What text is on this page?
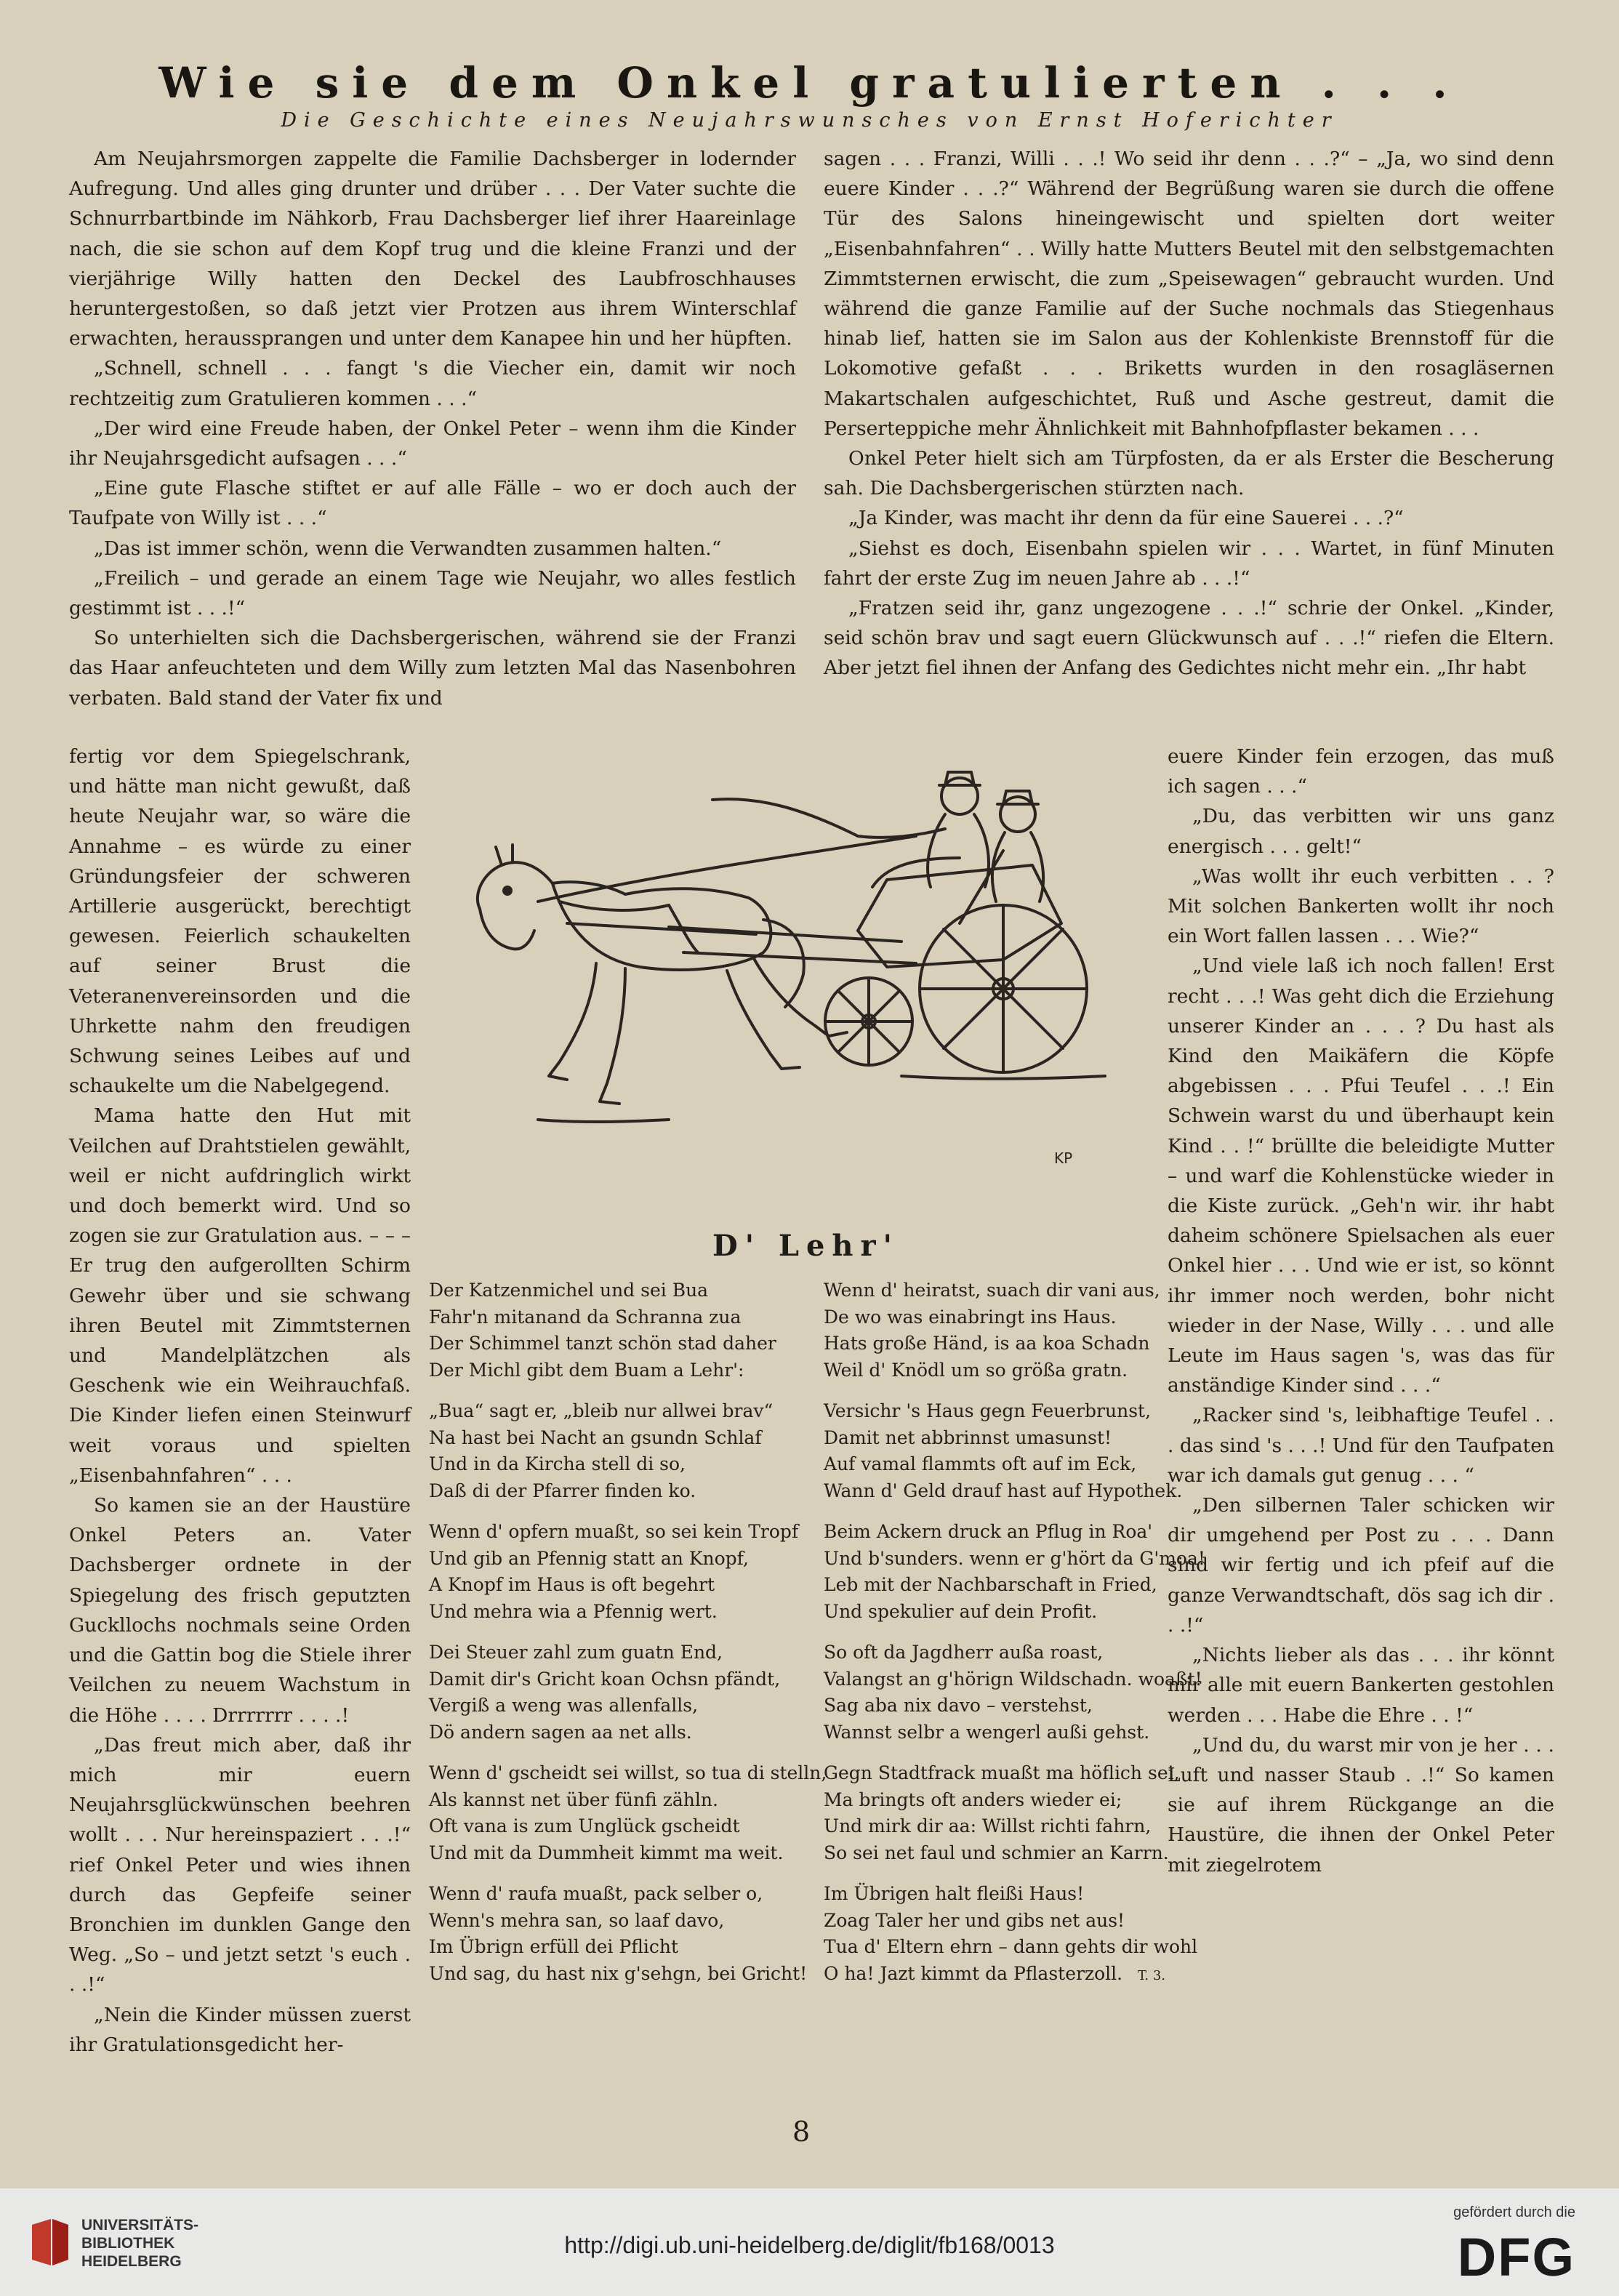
Wie sie dem Onkel gratulierten . . .
Die Geschichte eines Neujahrswunsches von Ernst Hoferichter

Am Neujahrsmorgen zappelte die Familie Dachsberger in lodernder Aufregung. Und alles ging drunter und drüber . . . Der Vater suchte die Schnurrbartbinde im Nähkorb, Frau Dachsberger lief ihrer Haareinlage nach, die sie schon auf dem Kopf trug und die kleine Franzi und der vierjährige Willy hatten den Deckel des Laubfroschhauses heruntergestoßen, so daß jetzt vier Protzen aus ihrem Winterschlaf erwachten, heraussprangen und unter dem Kanapee hin und her hüpften.

„Schnell, schnell . . . fangt 's die Viecher ein, damit wir noch rechtzeitig zum Gratulieren kommen . . .“

„Der wird eine Freude haben, der Onkel Peter – wenn ihm die Kinder ihr Neujahrsgedicht aufsagen . . .“

„Eine gute Flasche stiftet er auf alle Fälle – wo er doch auch der Taufpate von Willy ist . . .“

„Das ist immer schön, wenn die Verwandten zusammen halten.“

„Freilich – und gerade an einem Tage wie Neujahr, wo alles festlich gestimmt ist . . .!“

So unterhielten sich die Dachsbergerischen, während sie der Franzi das Haar anfeuchteten und dem Willy zum letzten Mal das Nasenbohren verbaten. Bald stand der Vater fix und

sagen . . . Franzi, Willi . . .! Wo seid ihr denn . . .?“ – „Ja, wo sind denn euere Kinder . . .?“ Während der Begrüßung waren sie durch die offene Tür des Salons hineingewischt und spielten dort weiter „Eisenbahnfahren“ . . Willy hatte Mutters Beutel mit den selbstgemachten Zimmtsternen erwischt, die zum „Speisewagen“ gebraucht wurden. Und während die ganze Familie auf der Suche nochmals das Stiegenhaus hinab lief, hatten sie im Salon aus der Kohlenkiste Brennstoff für die Lokomotive gefaßt . . . Briketts wurden in den rosagläsernen Makartschalen aufgeschichtet, Ruß und Asche gestreut, damit die Perserteppiche mehr Ähnlichkeit mit Bahnhofpflaster bekamen . . .

Onkel Peter hielt sich am Türpfosten, da er als Erster die Bescherung sah. Die Dachsbergerischen stürzten nach.

„Ja Kinder, was macht ihr denn da für eine Sauerei . . .?“

„Siehst es doch, Eisenbahn spielen wir . . . Wartet, in fünf Minuten fahrt der erste Zug im neuen Jahre ab . . .!“

„Fratzen seid ihr, ganz ungezogene . . .!“ schrie der Onkel. „Kinder, seid schön brav und sagt euern Glückwunsch auf . . .!“ riefen die Eltern. Aber jetzt fiel ihnen der Anfang des Gedichtes nicht mehr ein. „Ihr habt

fertig vor dem Spiegelschrank, und hätte man nicht gewußt, daß heute Neujahr war, so wäre die Annahme – es würde zu einer Gründungsfeier der schweren Artillerie ausgerückt, berechtigt gewesen. Feierlich schaukelten auf seiner Brust die Veteranenvereinsorden und die Uhrkette nahm den freudigen Schwung seines Leibes auf und schaukelte um die Nabelgegend.

Mama hatte den Hut mit Veilchen auf Drahtstielen gewählt, weil er nicht aufdringlich wirkt und doch bemerkt wird. Und so zogen sie zur Gratulation aus. – – – Er trug den aufgerollten Schirm Gewehr über und sie schwang ihren Beutel mit Zimmtsternen und Mandelplätzchen als Geschenk wie ein Weihrauchfaß. Die Kinder liefen einen Steinwurf weit voraus und spielten „Eisenbahnfahren“ . . .

So kamen sie an der Haustüre Onkel Peters an. Vater Dachsberger ordnete in der Spiegelung des frisch geputzten Guckllochs nochmals seine Orden und die Gattin bog die Stiele ihrer Veilchen zu neuem Wachstum in die Höhe . . . . Drrrrrrr . . . .!

„Das freut mich aber, daß ihr mich mir euern Neujahrsglückwünschen beehren wollt . . . Nur hereinspaziert . . .!“ rief Onkel Peter und wies ihnen durch das Gepfeife seiner Bronchien im dunklen Gange den Weg. „So – und jetzt setzt 's euch . . .!“

„Nein die Kinder müssen zuerst ihr Gratulationsgedicht her-

euere Kinder fein erzogen, das muß ich sagen . . .“

„Du, das verbitten wir uns ganz energisch . . . gelt!“

„Was wollt ihr euch verbitten . . ? Mit solchen Bankerten wollt ihr noch ein Wort fallen lassen . . . Wie?“

„Und viele laß ich noch fallen! Erst recht . . .! Was geht dich die Erziehung unserer Kinder an . . . ? Du hast als Kind den Maikäfern die Köpfe abgebissen . . . Pfui Teufel . . .! Ein Schwein warst du und überhaupt kein Kind . . !“ brüllte die beleidigte Mutter – und warf die Kohlenstücke wieder in die Kiste zurück. „Geh'n wir. ihr habt daheim schönere Spielsachen als euer Onkel hier . . . Und wie er ist, so könnt ihr immer noch werden, bohr nicht wieder in der Nase, Willy . . . und alle Leute im Haus sagen 's, was das für anständige Kinder sind . . .“

„Racker sind 's, leibhaftige Teufel . . . das sind 's . . .! Und für den Taufpaten war ich damals gut genug . . . “

„Den silbernen Taler schicken wir dir umgehend per Post zu . . . Dann sind wir fertig und ich pfeif auf die ganze Verwandtschaft, dös sag ich dir . . .!“

„Nichts lieber als das . . . ihr könnt mir alle mit euern Bankerten gestohlen werden . . . Habe die Ehre . . !“

„Und du, du warst mir von je her . . . Luft und nasser Staub . .!“ So kamen sie auf ihrem Rückgange an die Haustüre, die ihnen der Onkel Peter mit ziegelrotem

KP
D' Lehr'
Der Katzenmichel und sei Bua
Fahr'n mitanand da Schranna zua
Der Schimmel tanzt schön stad daher
Der Michl gibt dem Buam a Lehr':
„Bua“ sagt er, „bleib nur allwei brav“
Na hast bei Nacht an gsundn Schlaf
Und in da Kircha stell di so,
Daß di der Pfarrer finden ko.
Wenn d' opfern muaßt, so sei kein Tropf
Und gib an Pfennig statt an Knopf,
A Knopf im Haus is oft begehrt
Und mehra wia a Pfennig wert.
Dei Steuer zahl zum guatn End,
Damit dir's Gricht koan Ochsn pfändt,
Vergiß a weng was allenfalls,
Dö andern sagen aa net alls.
Wenn d' gscheidt sei willst, so tua di stelln,
Als kannst net über fünfi zähln.
Oft vana is zum Unglück gscheidt
Und mit da Dummheit kimmt ma weit.
Wenn d' raufa muaßt, pack selber o,
Wenn's mehra san, so laaf davo,
Im Übrign erfüll dei Pflicht
Und sag, du hast nix g'sehgn, bei Gricht!
Wenn d' heiratst, suach dir vani aus,
De wo was einabringt ins Haus.
Hats große Händ, is aa koa Schadn
Weil d' Knödl um so größa gratn.
Versichr 's Haus gegn Feuerbrunst,
Damit net abbrinnst umasunst!
Auf vamal flammts oft auf im Eck,
Wann d' Geld drauf hast auf Hypothek.
Beim Ackern druck an Pflug in Roa'
Und b'sunders. wenn er g'hört da G'moa!
Leb mit der Nachbarschaft in Fried,
Und spekulier auf dein Profit.
So oft da Jagdherr außa roast,
Valangst an g'hörign Wildschadn. woaßt!
Sag aba nix davo – verstehst,
Wannst selbr a wengerl außi gehst.
Gegn Stadtfrack muaßt ma höflich sei,
Ma bringts oft anders wieder ei;
Und mirk dir aa: Willst richti fahrn,
So sei net faul und schmier an Karrn.
Im Übrigen halt fleißi Haus!
Zoag Taler her und gibs net aus!
Tua d' Eltern ehrn – dann gehts dir wohl
O ha! Jazt kimmt da Pflasterzoll.	T. 3.
8
UNIVERSITÄTS-
BIBLIOTHEK
HEIDELBERG
http://digi.ub.uni-heidelberg.de/diglit/fb168/0013
gefördert durch die
DFG
